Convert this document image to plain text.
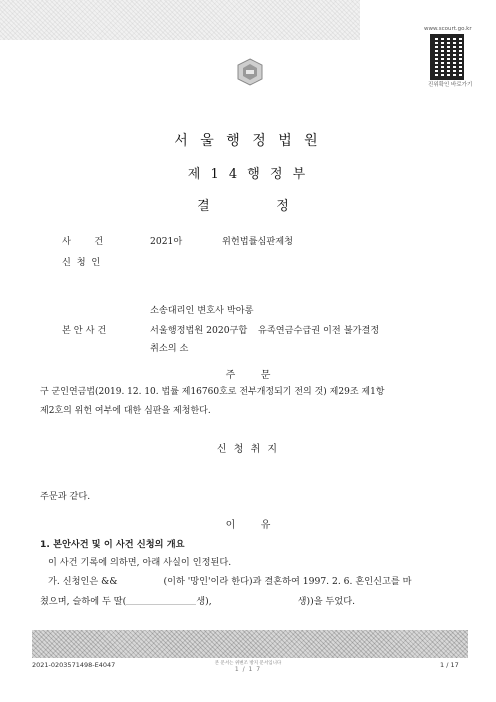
www.scourt.go.kr
진위확인 바로가기
서 울 행 정 법 원
제 1 4 행 정 부
결    정
사        건	2021아	위헌법률심판제청
신  청  인
소송대리인 변호사 박아롱
본 안 사 건	서울행정법원 2020구합 유족연금수급권 이전 불가결정
취소의 소
주        문
구 군인연금법(2019. 12. 10. 법률 제16760호로 전부개정되기 전의 것) 제29조 제1항
제2호의 위헌 여부에 대한 심판을 제청한다.
신 청 취 지
주문과 같다.
이        유
1. 본안사건 및 이 사건 신청의 개요
이 사건 기록에 의하면, 아래 사실이 인정된다.
가. 신청인은 &&	(이하 '망인'이라 한다)과 결혼하여 1997. 2. 6. 혼인신고를 마
쳤으며, 슬하에 두 딸(	생),	생))을 두었다.
2021-0203571498-E4047	본 문서는 위변조 방지 문서입니다
1 / 1 7
1 / 17
